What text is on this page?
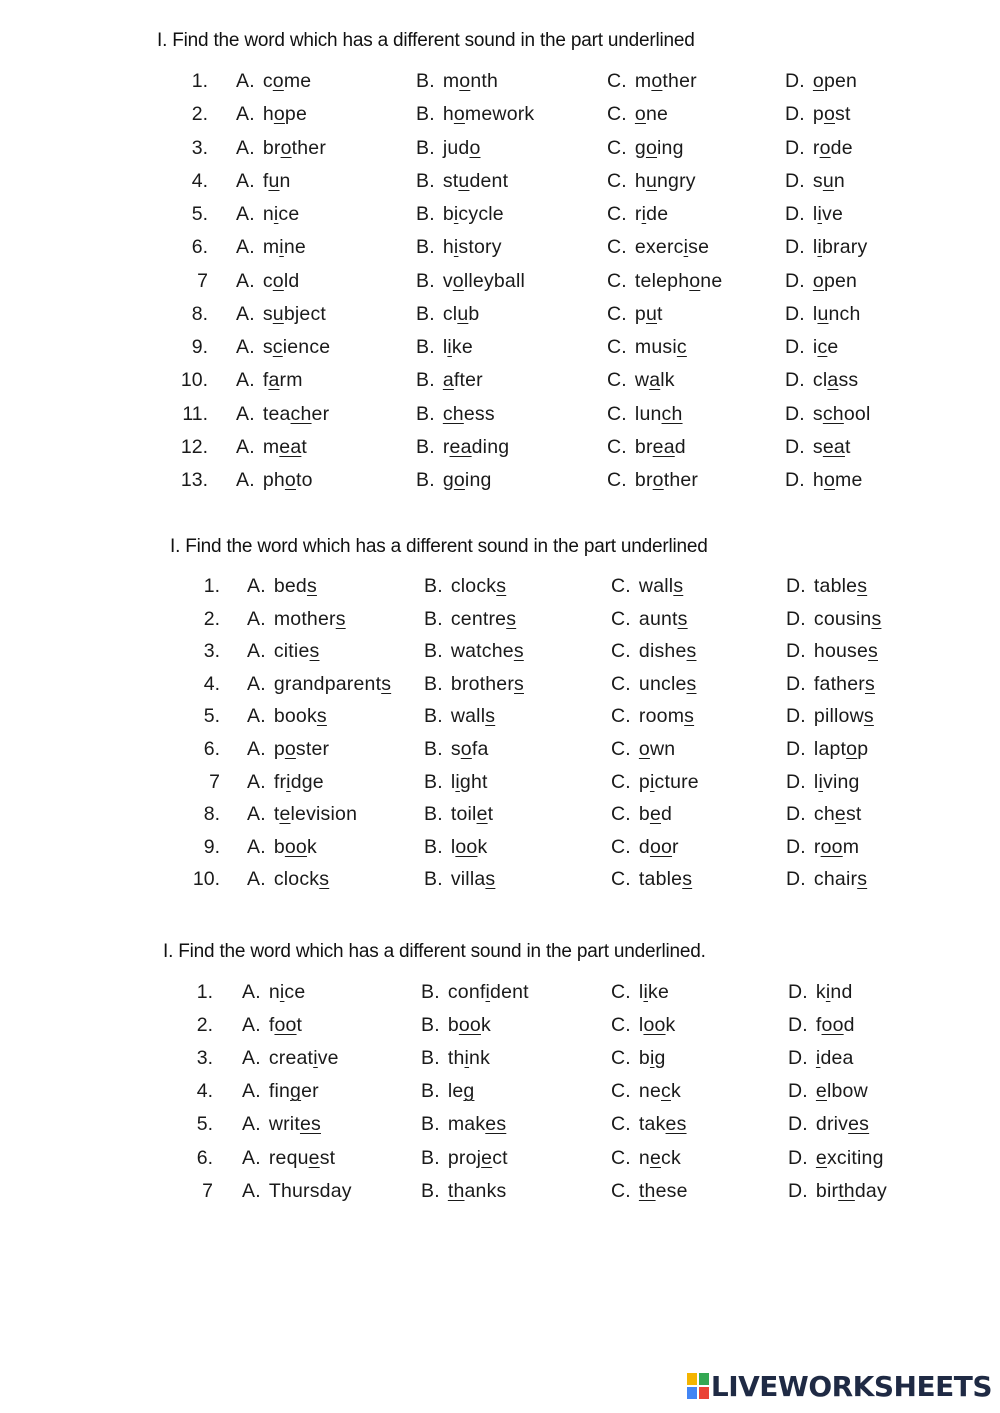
I. Find the word which has a different sound in the part underlined
1. A. come	B. month	C. mother	D. open
2. A. hope	B. homework	C. one	D. post
3. A. brother	B. judo	C. going	D. rode
4. A. fun	B. student	C. hungry	D. sun
5. A. nice	B. bicycle	C. ride	D. live
6. A. mine	B. history	C. exercise	D. library
7 A. cold	B. volleyball	C. telephone	D. open
8. A. subject	B. club	C. put	D. lunch
9. A. science	B. like	C. music	D. ice
10. A. farm	B. after	C. walk	D. class
11. A. teacher	B. chess	C. lunch	D. school
12. A. meat	B. reading	C. bread	D. seat
13. A. photo	B. going	C. brother	D. home
I. Find the word which has a different sound in the part underlined
1. A. beds	B. clocks	C. walls	D. tables
2. A. mothers	B. centres	C. aunts	D. cousins
3. A. cities	B. watches	C. dishes	D. houses
4. A. grandparents B. brothers	C. uncles	D. fathers
5. A. books	B. walls	C. rooms	D. pillows
6. A. poster	B. sofa	C. own	D. laptop
7 A. fridge	B. light	C. picture	D. living
8. A. television	B. toilet	C. bed	D. chest
9. A. book	B. look	C. door	D. room
10. A. clocks	B. villas	C. tables	D. chairs
I. Find the word which has a different sound in the part underlined.
1. A. nice	B. confident	C. like	D. kind
2. A. foot	B. book	C. look	D. food
3. A. creative	B. think	C. big	D. idea
4. A. finger	B. leg	C. neck	D. elbow
5. A. writes	B. makes	C. takes	D. drives
6. A. request	B. project	C. neck	D. exciting
7 A. Thursday	B. thanks	C. these	D. birthday
LIVEWORKSHEETS
